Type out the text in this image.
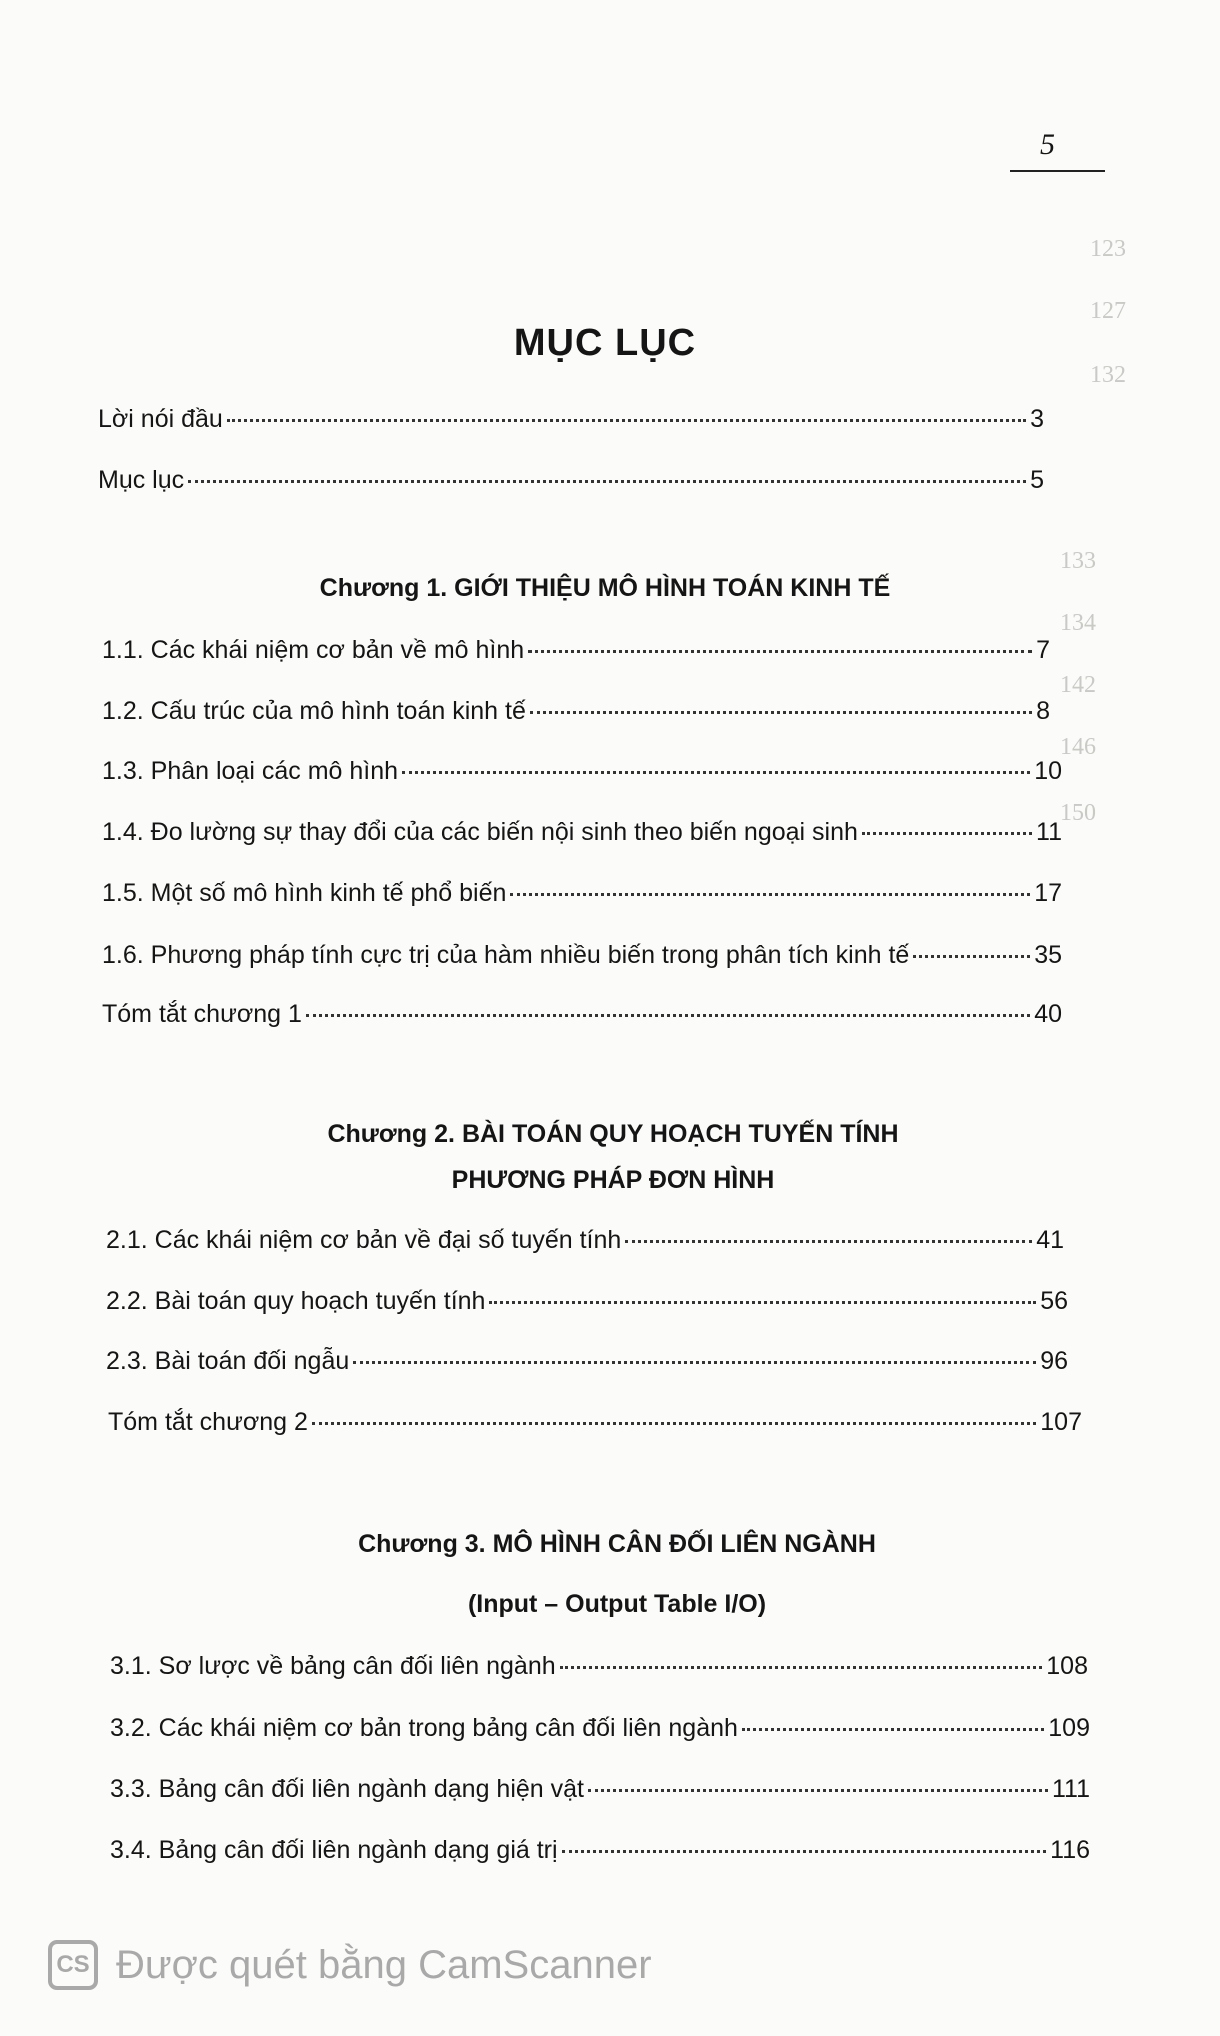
123
127
132
133
134
142
146
150
5
MỤC LỤC
Lời nói đầu	3
Mục lục	5
Chương 1. GIỚI THIỆU MÔ HÌNH TOÁN KINH TẾ
1.1. Các khái niệm cơ bản về mô hình	7
1.2. Cấu trúc của mô hình toán kinh tế	8
1.3. Phân loại các mô hình	10
1.4. Đo lường sự thay đổi của các biến nội sinh theo biến ngoại sinh	11
1.5. Một số mô hình kinh tế phổ biến	17
1.6. Phương pháp tính cực trị của hàm nhiều biến trong phân tích kinh tế	35
Tóm tắt chương 1	40
Chương 2. BÀI TOÁN QUY HOẠCH TUYẾN TÍNH
PHƯƠNG PHÁP ĐƠN HÌNH
2.1. Các khái niệm cơ bản về đại số tuyến tính	41
2.2. Bài toán quy hoạch tuyến tính	56
2.3. Bài toán đối ngẫu	96
Tóm tắt chương 2	107
Chương 3. MÔ HÌNH CÂN ĐỐI LIÊN NGÀNH
(Input – Output Table I/O)
3.1. Sơ lược về bảng cân đối liên ngành	108
3.2. Các khái niệm cơ bản trong bảng cân đối liên ngành	109
3.3. Bảng cân đối liên ngành dạng hiện vật	111
3.4. Bảng cân đối liên ngành dạng giá trị	116
CS Được quét bằng CamScanner
